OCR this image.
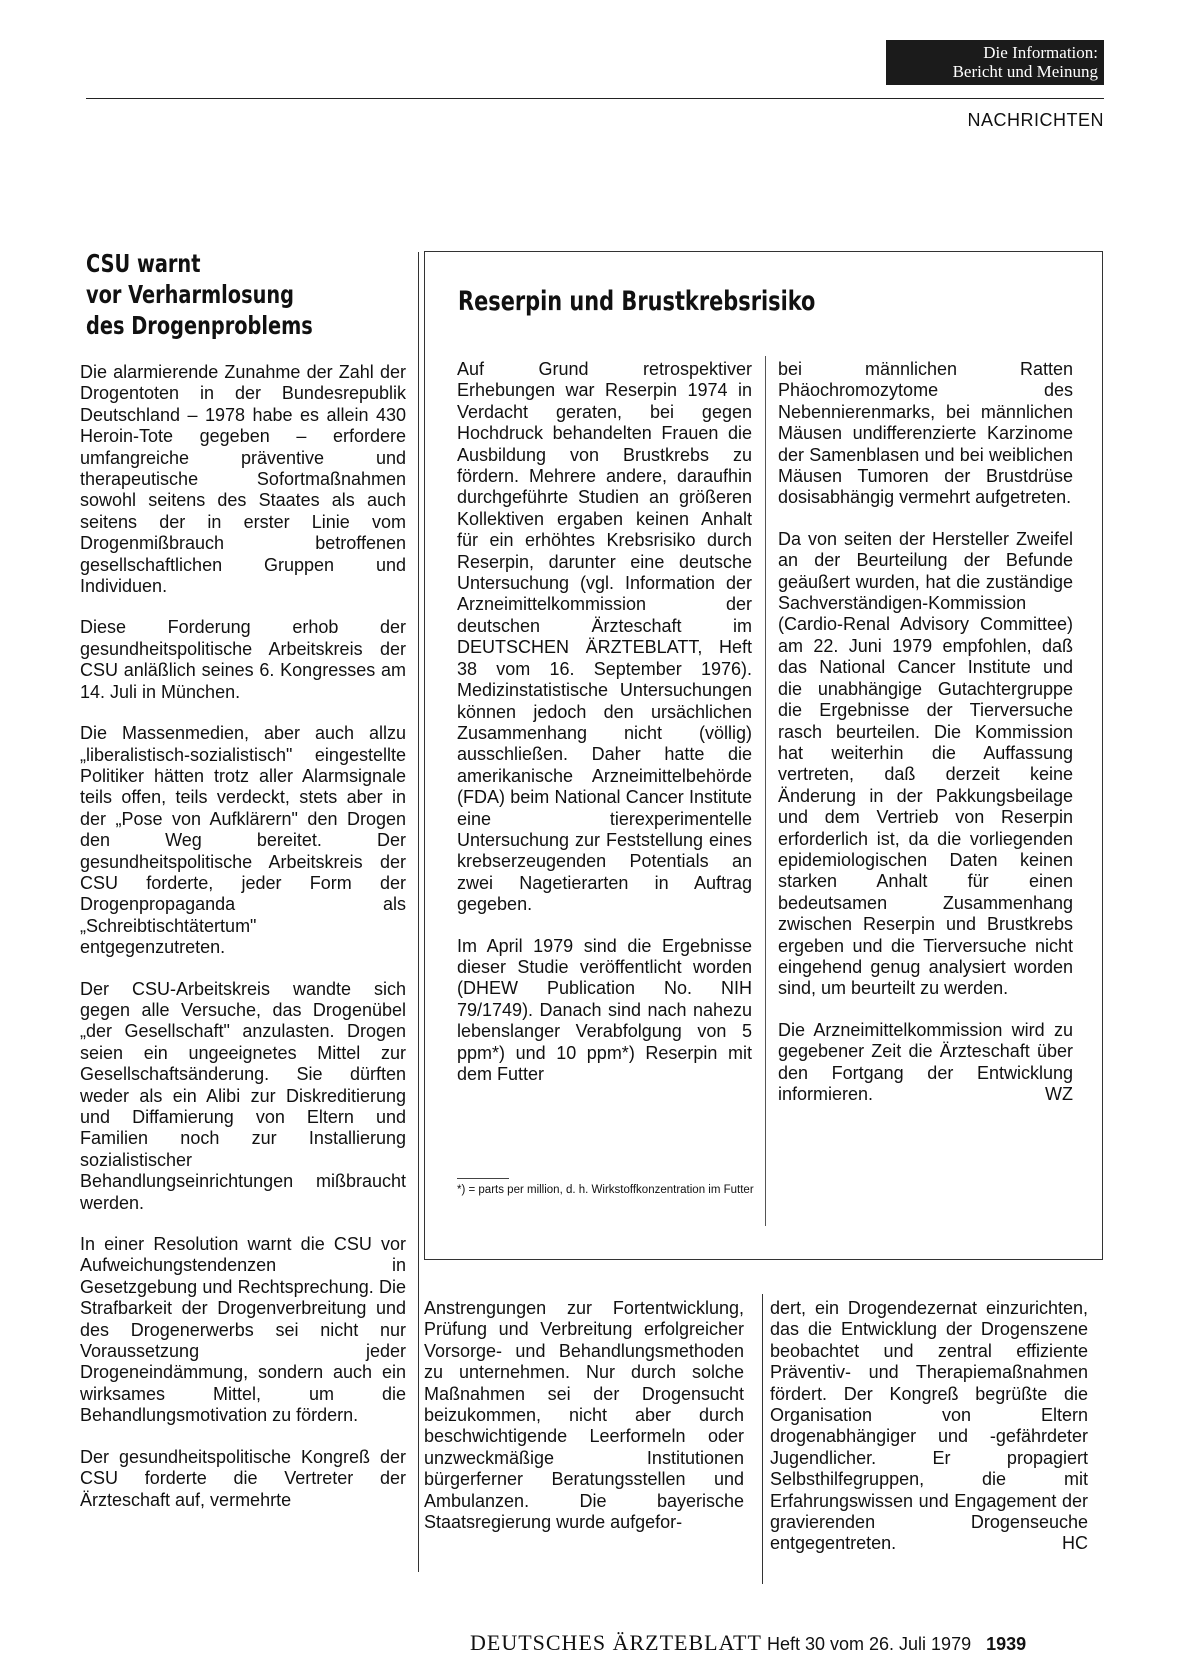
Die Information:
Bericht und Meinung
NACHRICHTEN
CSU warnt
vor Verharmlosung
des Drogenproblems

Die alarmierende Zunahme der Zahl der Drogentoten in der Bundesrepublik Deutschland – 1978 habe es allein 430 Heroin-Tote gegeben – erfordere umfangreiche präventive und therapeutische Sofortmaßnahmen sowohl seitens des Staates als auch seitens der in erster Linie vom Drogenmißbrauch betroffenen gesellschaftlichen Gruppen und Individuen.

Diese Forderung erhob der gesundheitspolitische Arbeitskreis der CSU anläßlich seines 6. Kongresses am 14. Juli in München.

Die Massenmedien, aber auch allzu „liberalistisch-sozialistisch" eingestellte Politiker hätten trotz aller Alarmsignale teils offen, teils verdeckt, stets aber in der „Pose von Aufklärern" den Drogen den Weg bereitet. Der gesundheitspolitische Arbeitskreis der CSU forderte, jeder Form der Drogenpropaganda als „Schreibtischtätertum" entgegenzutreten.

Der CSU-Arbeitskreis wandte sich gegen alle Versuche, das Drogenübel „der Gesellschaft" anzulasten. Drogen seien ein ungeeignetes Mittel zur Gesellschaftsänderung. Sie dürften weder als ein Alibi zur Diskreditierung und Diffamierung von Eltern und Familien noch zur Installierung sozialistischer Behandlungseinrichtungen mißbraucht werden.

In einer Resolution warnt die CSU vor Aufweichungstendenzen in Gesetzgebung und Rechtsprechung. Die Strafbarkeit der Drogenverbreitung und des Drogenerwerbs sei nicht nur Voraussetzung jeder Drogeneindämmung, sondern auch ein wirksames Mittel, um die Behandlungsmotivation zu fördern.

Der gesundheitspolitische Kongreß der CSU forderte die Vertreter der Ärzteschaft auf, vermehrte

Reserpin und Brustkrebsrisiko

Auf Grund retrospektiver Erhebungen war Reserpin 1974 in Verdacht geraten, bei gegen Hochdruck behandelten Frauen die Ausbildung von Brustkrebs zu fördern. Mehrere andere, daraufhin durchgeführte Studien an größeren Kollektiven ergaben keinen Anhalt für ein erhöhtes Krebsrisiko durch Reserpin, darunter eine deutsche Untersuchung (vgl. Information der Arzneimittelkommission der deutschen Ärzteschaft im DEUTSCHEN ÄRZTEBLATT, Heft 38 vom 16. September 1976). Medizinstatistische Untersuchungen können jedoch den ursächlichen Zusammenhang nicht (völlig) ausschließen. Daher hatte die amerikanische Arzneimittelbehörde (FDA) beim National Cancer Institute eine tierexperimentelle Untersuchung zur Feststellung eines krebserzeugenden Potentials an zwei Nagetierarten in Auftrag gegeben.

Im April 1979 sind die Ergebnisse dieser Studie veröffentlicht worden (DHEW Publication No. NIH 79/1749). Danach sind nach nahezu lebenslanger Verabfolgung von 5 ppm*) und 10 ppm*) Reserpin mit dem Futter

*) = parts per million, d. h. Wirkstoffkonzentration im Futter

bei männlichen Ratten Phäochromozytome des Nebennierenmarks, bei männlichen Mäusen undifferenzierte Karzinome der Samenblasen und bei weiblichen Mäusen Tumoren der Brustdrüse dosisabhängig vermehrt aufgetreten.

Da von seiten der Hersteller Zweifel an der Beurteilung der Befunde geäußert wurden, hat die zuständige Sachverständigen-Kommission (Cardio-Renal Advisory Committee) am 22. Juni 1979 empfohlen, daß das National Cancer Institute und die unabhängige Gutachtergruppe die Ergebnisse der Tierversuche rasch beurteilen. Die Kommission hat weiterhin die Auffassung vertreten, daß derzeit keine Änderung in der Pakkungsbeilage und dem Vertrieb von Reserpin erforderlich ist, da die vorliegenden epidemiologischen Daten keinen starken Anhalt für einen bedeutsamen Zusammenhang zwischen Reserpin und Brustkrebs ergeben und die Tierversuche nicht eingehend genug analysiert worden sind, um beurteilt zu werden.

Die Arzneimittelkommission wird zu gegebener Zeit die Ärzteschaft über den Fortgang der Entwicklung informieren.	WZ

Anstrengungen zur Fortentwicklung, Prüfung und Verbreitung erfolgreicher Vorsorge- und Behandlungsmethoden zu unternehmen. Nur durch solche Maßnahmen sei der Drogensucht beizukommen, nicht aber durch beschwichtigende Leerformeln oder unzweckmäßige Institutionen bürgerferner Beratungsstellen und Ambulanzen. Die bayerische Staatsregierung wurde aufgefor-

dert, ein Drogendezernat einzurichten, das die Entwicklung der Drogenszene beobachtet und zentral effiziente Präventiv- und Therapiemaßnahmen fördert. Der Kongreß begrüßte die Organisation von Eltern drogenabhängiger und -gefährdeter Jugendlicher. Er propagiert Selbsthilfegruppen, die mit Erfahrungswissen und Engagement der gravierenden Drogenseuche entgegentreten.	HC

DEUTSCHES ÄRZTEBLATT Heft 30 vom 26. Juli 1979 1939
